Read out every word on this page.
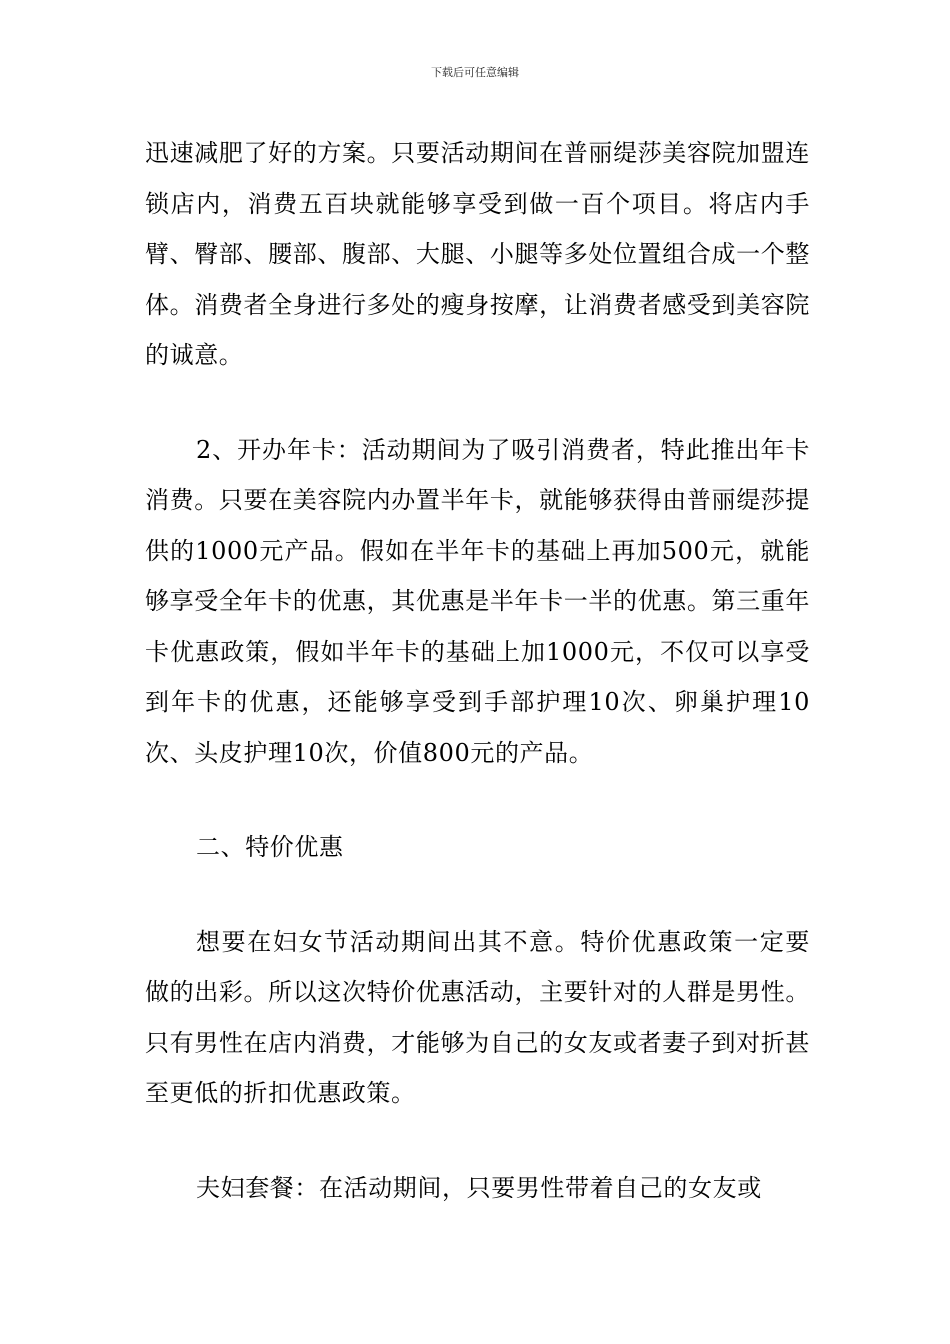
下载后可任意编辑

迅速减肥了好的方案。只要活动期间在普丽缇莎美容院加盟连锁店内，消费五百块就能够享受到做一百个项目。将店内手臂、臀部、腰部、腹部、大腿、小腿等多处位置组合成一个整体。消费者全身进行多处的瘦身按摩，让消费者感受到美容院的诚意。

2、开办年卡：活动期间为了吸引消费者，特此推出年卡消费。只要在美容院内办置半年卡，就能够获得由普丽缇莎提供的1000元产品。假如在半年卡的基础上再加500元，就能够享受全年卡的优惠，其优惠是半年卡一半的优惠。第三重年卡优惠政策，假如半年卡的基础上加1000元，不仅可以享受到年卡的优惠，还能够享受到手部护理10次、卵巢护理10次、头皮护理10次，价值800元的产品。

二、特价优惠

想要在妇女节活动期间出其不意。特价优惠政策一定要做的出彩。所以这次特价优惠活动，主要针对的人群是男性。只有男性在店内消费，才能够为自己的女友或者妻子到对折甚至更低的折扣优惠政策。

夫妇套餐：在活动期间，只要男性带着自己的女友或
